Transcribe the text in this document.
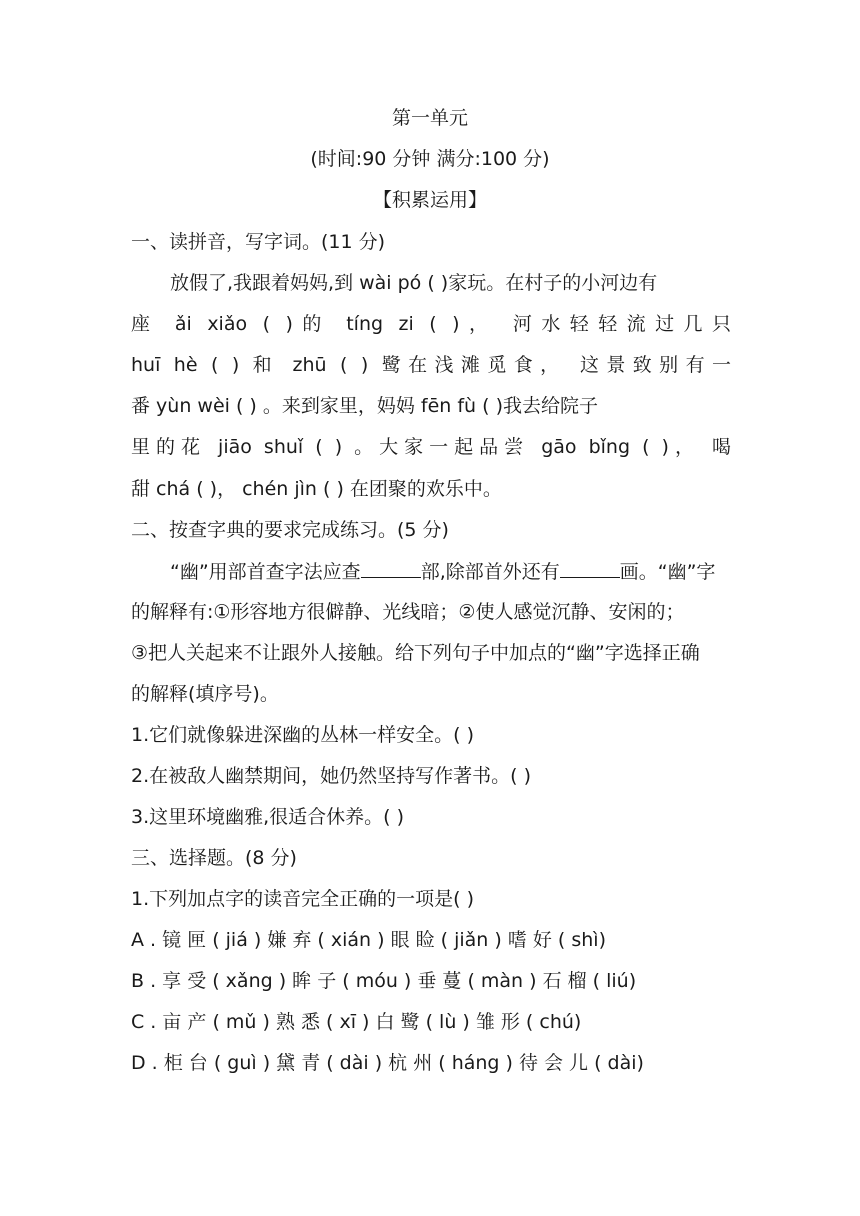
第一单元
(时间:90 分钟 满分:100 分)
【积累运用】
一、读拼音，写字词。(11 分)
放假了,我跟着妈妈,到 wài pó ( )家玩。在村子的小河边有
座 ǎi xiǎo ( )的 tíng zi ( )， 河水轻轻流过几只
huī hè ( ) 和 zhū ( ) 鹭在浅滩觅食， 这景致别有一
番 yùn wèi ( ) 。来到家里，妈妈 fēn fù ( )我去给院子
里的花 jiāo shuǐ ( ) 。大家一起品尝 gāo bǐng ( )， 喝
甜 chá ( )， chén jìn ( ) 在团聚的欢乐中。
二、按查字典的要求完成练习。(5 分)
“幽”用部首查字法应查	部,除部首外还有	画。“幽”字
的解释有:①形容地方很僻静、光线暗；②使人感觉沉静、安闲的；
③把人关起来不让跟外人接触。给下列句子中加点的“幽”字选择正确
的解释(填序号)。
1.它们就像躲进深幽的丛林一样安全。( )
2.在被敌人幽禁期间，她仍然坚持写作著书。( )
3.这里环境幽雅,很适合休养。( )
三、选择题。(8 分)
1.下列加点字的读音完全正确的一项是( )
A . 镜 匣 ( jiá ) 嫌 弃 ( xián ) 眼 睑 ( jiǎn ) 嗜 好 ( shì)
B . 享 受 ( xǎng ) 眸 子 ( móu ) 垂 蔓 ( màn ) 石 榴 ( liú)
C . 亩 产 ( mǔ ) 熟 悉 ( xī ) 白 鹭 ( lù ) 雏 形 ( chú)
D . 柜 台 ( guì ) 黛 青 ( dài ) 杭 州 ( háng ) 待 会 儿 ( dài)
